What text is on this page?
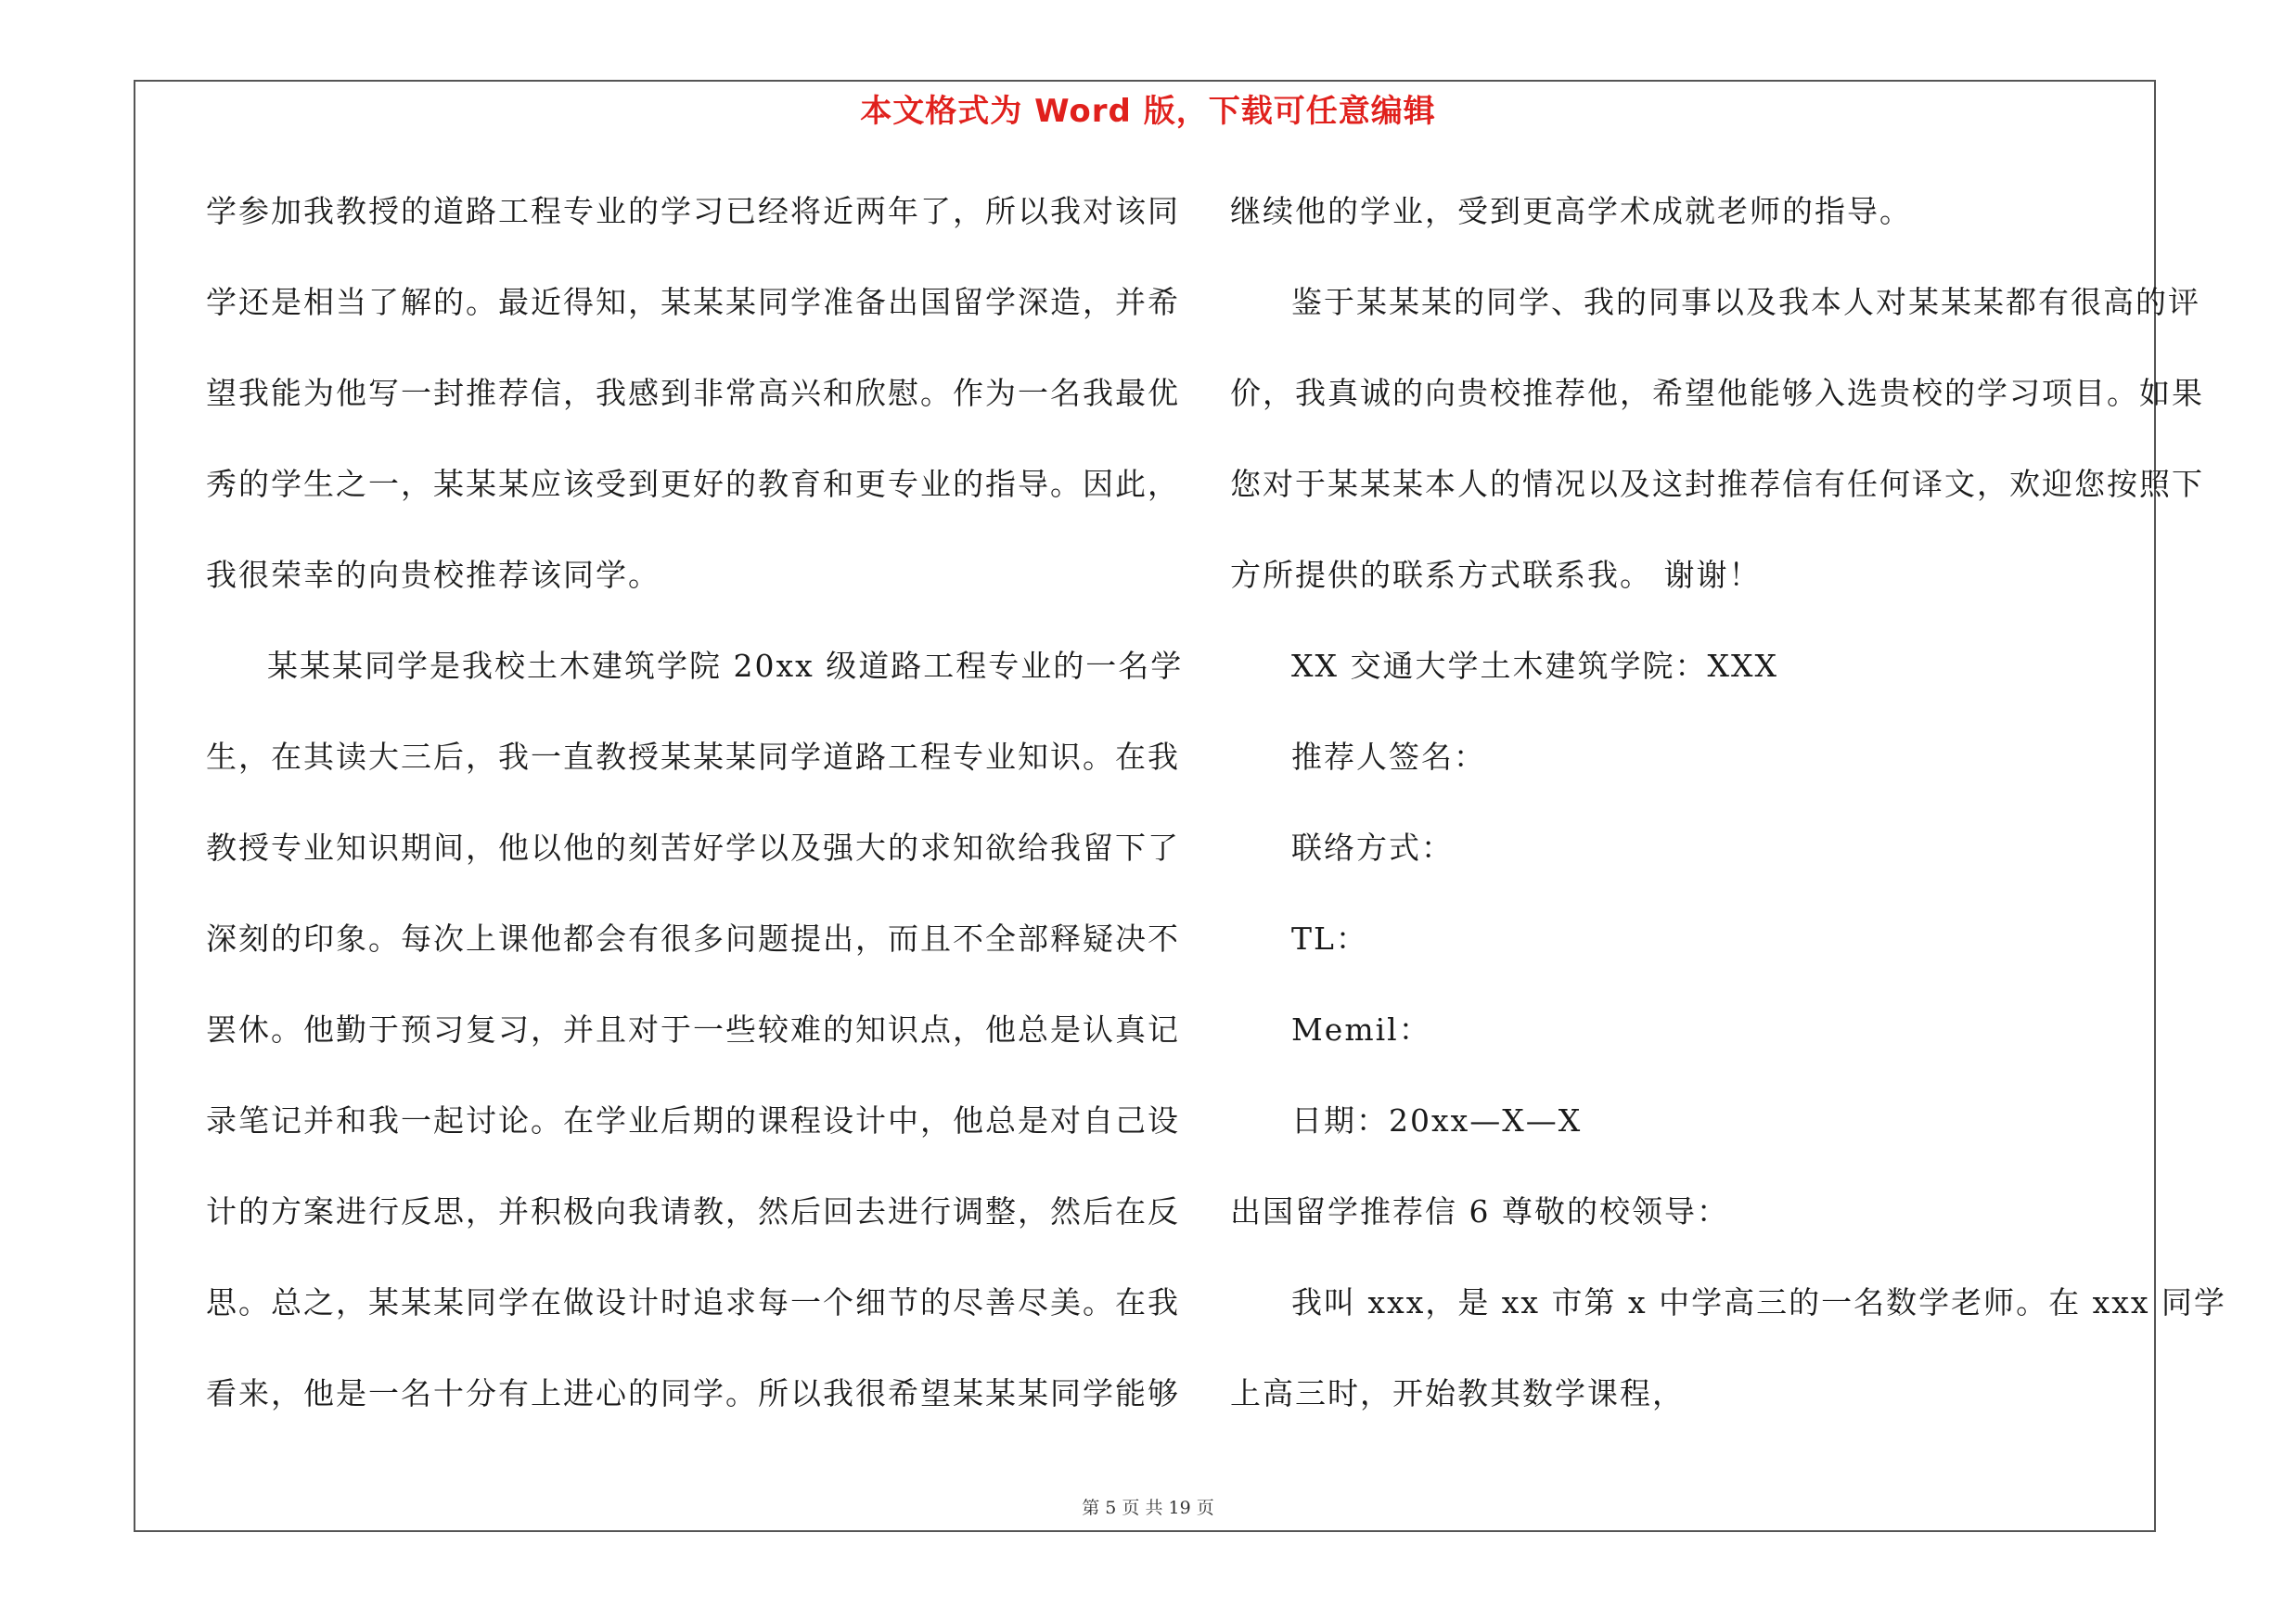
本文格式为 Word 版，下载可任意编辑
学参加我教授的道路工程专业的学习已经将近两年了，所以我对该同
学还是相当了解的。最近得知，某某某同学准备出国留学深造，并希
望我能为他写一封推荐信，我感到非常高兴和欣慰。作为一名我最优
秀的学生之一，某某某应该受到更好的教育和更专业的指导。因此，
我很荣幸的向贵校推荐该同学。
某某某同学是我校土木建筑学院 20xx 级道路工程专业的一名学
生，在其读大三后，我一直教授某某某同学道路工程专业知识。在我
教授专业知识期间，他以他的刻苦好学以及强大的求知欲给我留下了
深刻的印象。每次上课他都会有很多问题提出，而且不全部释疑决不
罢休。他勤于预习复习，并且对于一些较难的知识点，他总是认真记
录笔记并和我一起讨论。在学业后期的课程设计中，他总是对自己设
计的方案进行反思，并积极向我请教，然后回去进行调整，然后在反
思。总之，某某某同学在做设计时追求每一个细节的尽善尽美。在我
看来，他是一名十分有上进心的同学。所以我很希望某某某同学能够
继续他的学业，受到更高学术成就老师的指导。
鉴于某某某的同学、我的同事以及我本人对某某某都有很高的评
价，我真诚的向贵校推荐他，希望他能够入选贵校的学习项目。如果
您对于某某某本人的情况以及这封推荐信有任何译文，欢迎您按照下
方所提供的联系方式联系我。 谢谢！
XX 交通大学土木建筑学院：XXX
推荐人签名：
联络方式：
TL：
Memil：
日期：20xx—X—X
出国留学推荐信 6 尊敬的校领导：
我叫 xxx，是 xx 市第 x 中学高三的一名数学老师。在 xxx 同学
上高三时，开始教其数学课程，
第 5 页 共 19 页
